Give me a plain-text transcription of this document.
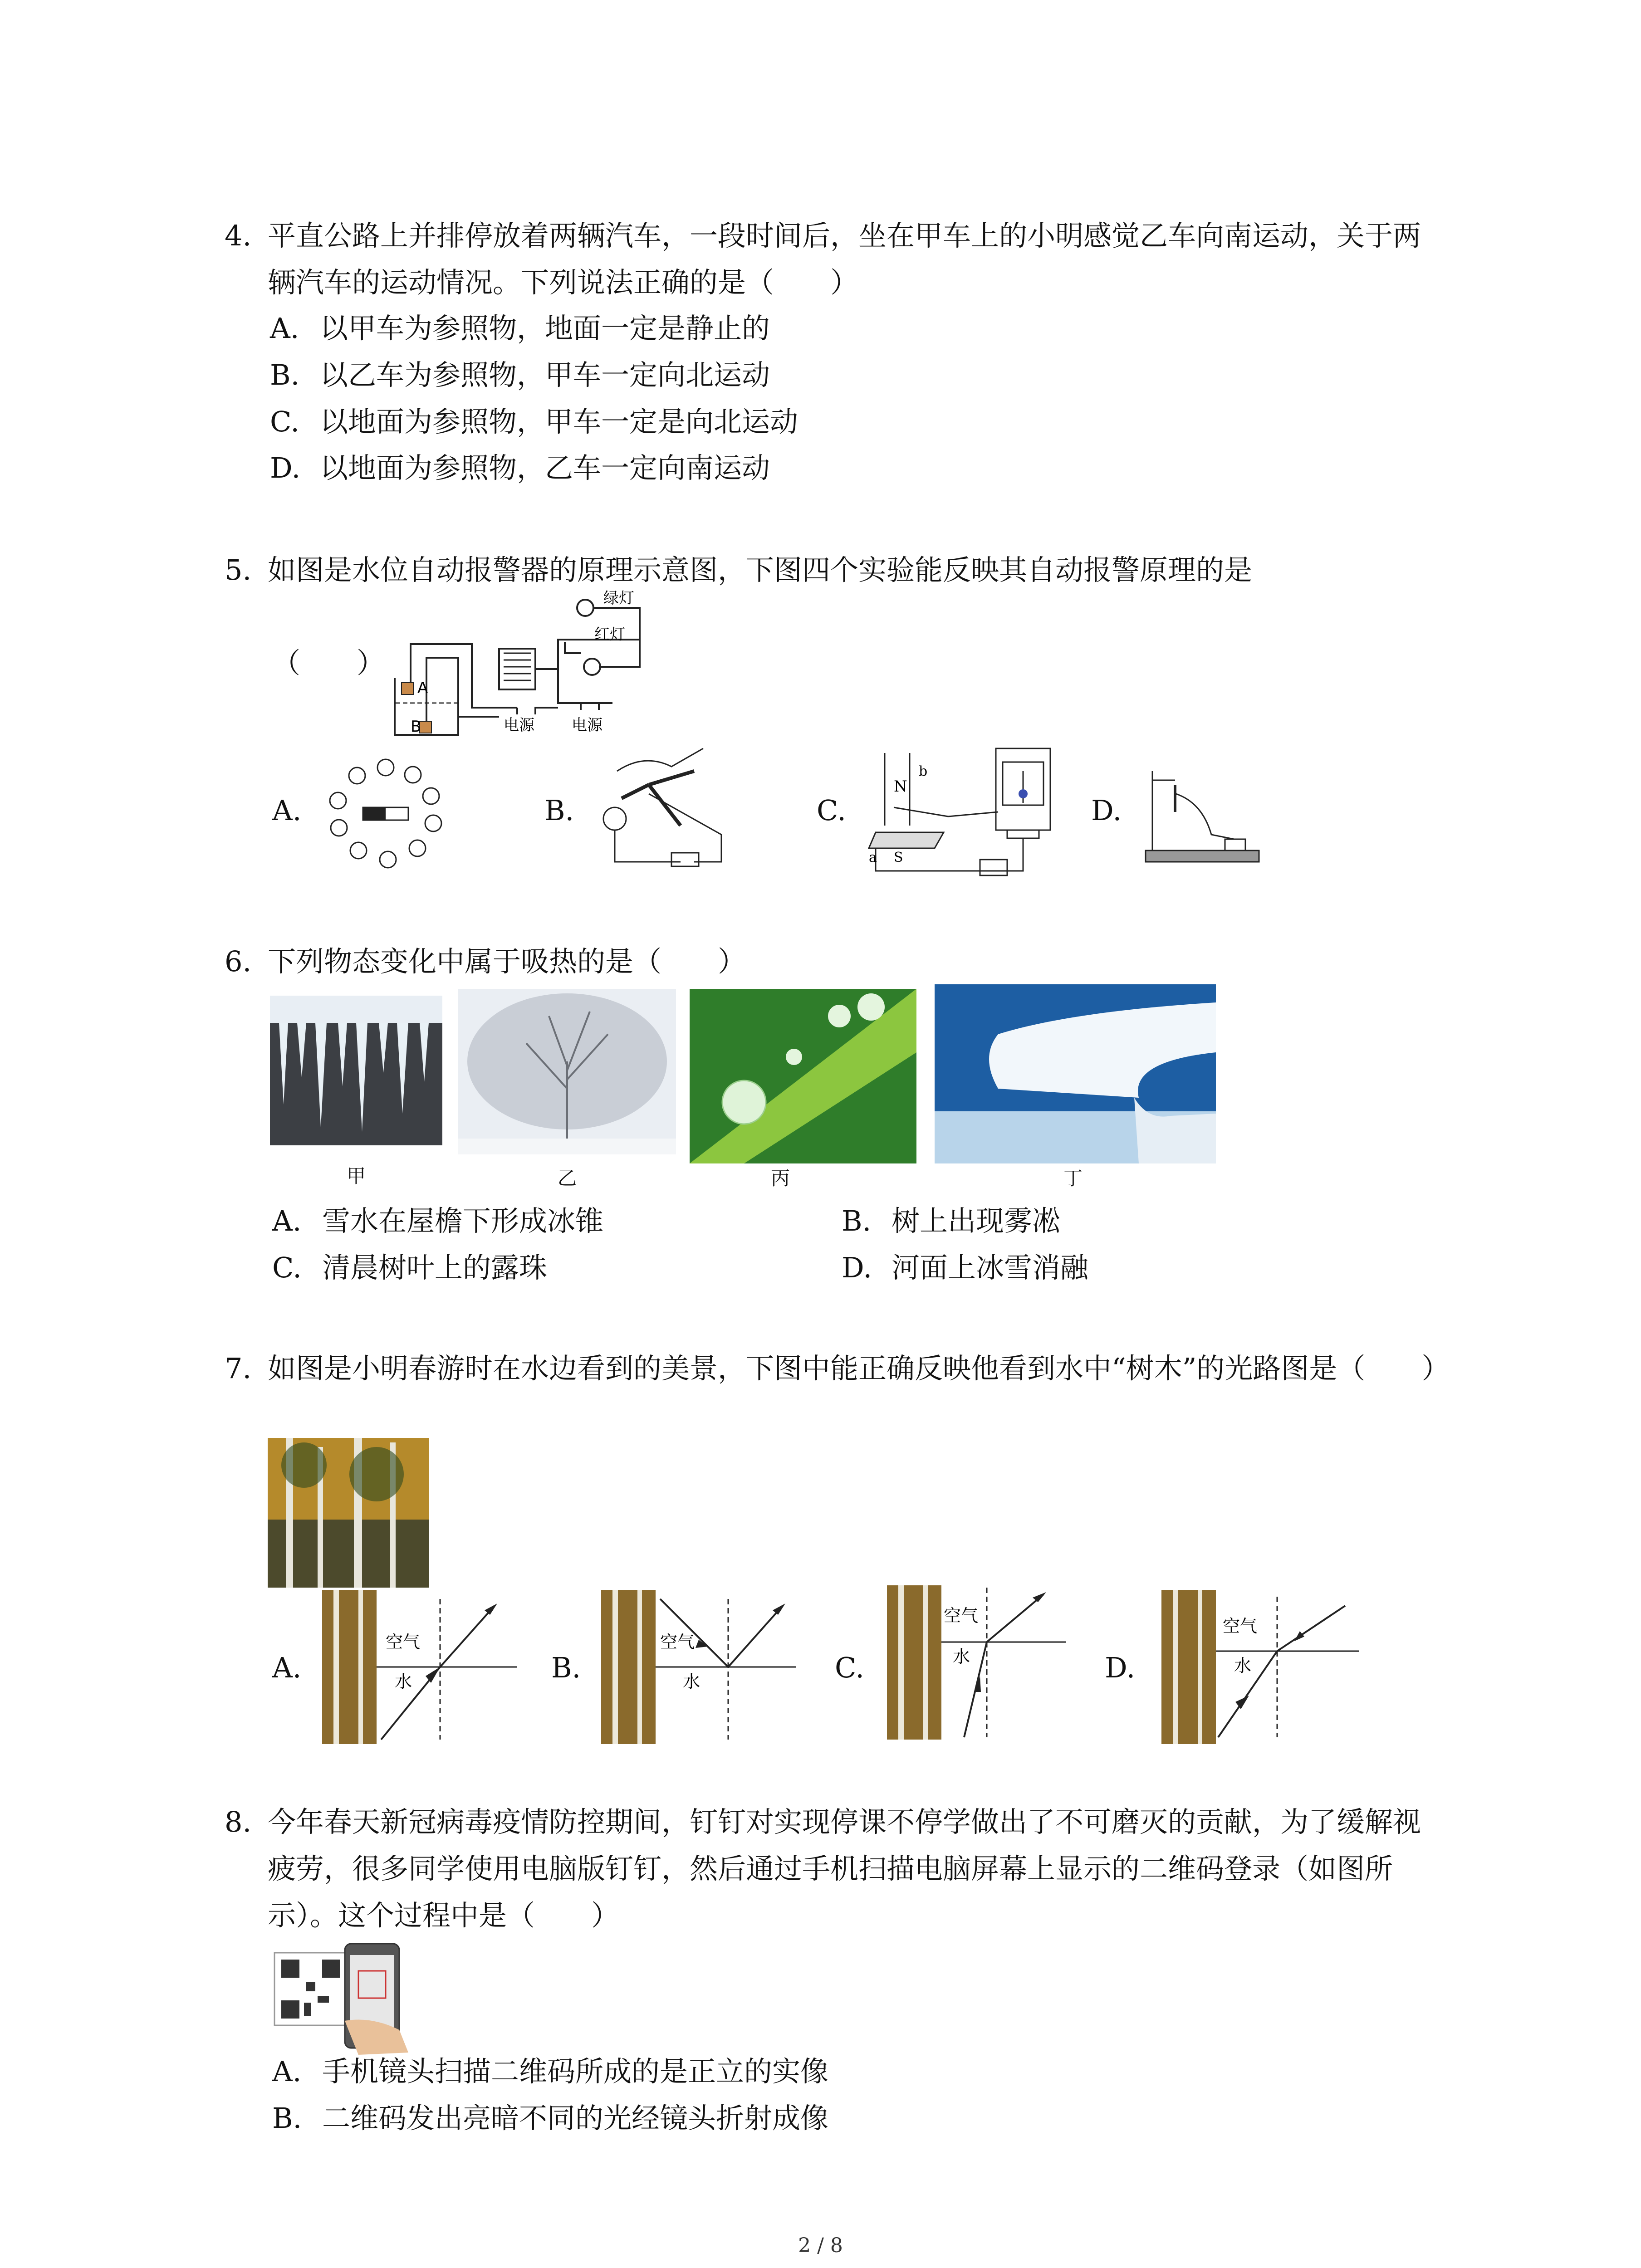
4. 平直公路上并排停放着两辆汽车，一段时间后，坐在甲车上的小明感觉乙车向南运动，关于两辆汽车的运动情况。下列说法正确的是（　　）
A. 以甲车为参照物，地面一定是静止的
B. 以乙车为参照物，甲车一定向北运动
C. 以地面为参照物，甲车一定是向北运动
D. 以地面为参照物，乙车一定向南运动
5. 如图是水位自动报警器的原理示意图，下图四个实验能反映其自动报警原理的是
（　　）
A
B
绿灯
红灯
电源 电源
A.	B.	C.
N
b
a S
D.
6. 下列物态变化中属于吸热的是（　　）
甲	乙	丙	丁
A. 雪水在屋檐下形成冰锥	B. 树上出现雾凇
C. 清晨树叶上的露珠	D. 河面上冰雪消融
7. 如图是小明春游时在水边看到的美景，下图中能正确反映他看到水中“树木”的光路图是（　　）
A.
空气
水	B.
空气
水	C.
空气
水	D.
空气
水
8. 今年春天新冠病毒疫情防控期间，钉钉对实现停课不停学做出了不可磨灭的贡献，为了缓解视疲劳，很多同学使用电脑版钉钉，然后通过手机扫描电脑屏幕上显示的二维码登录（如图所示）。这个过程中是（　　）
A. 手机镜头扫描二维码所成的是正立的实像
B. 二维码发出亮暗不同的光经镜头折射成像
2 / 8
